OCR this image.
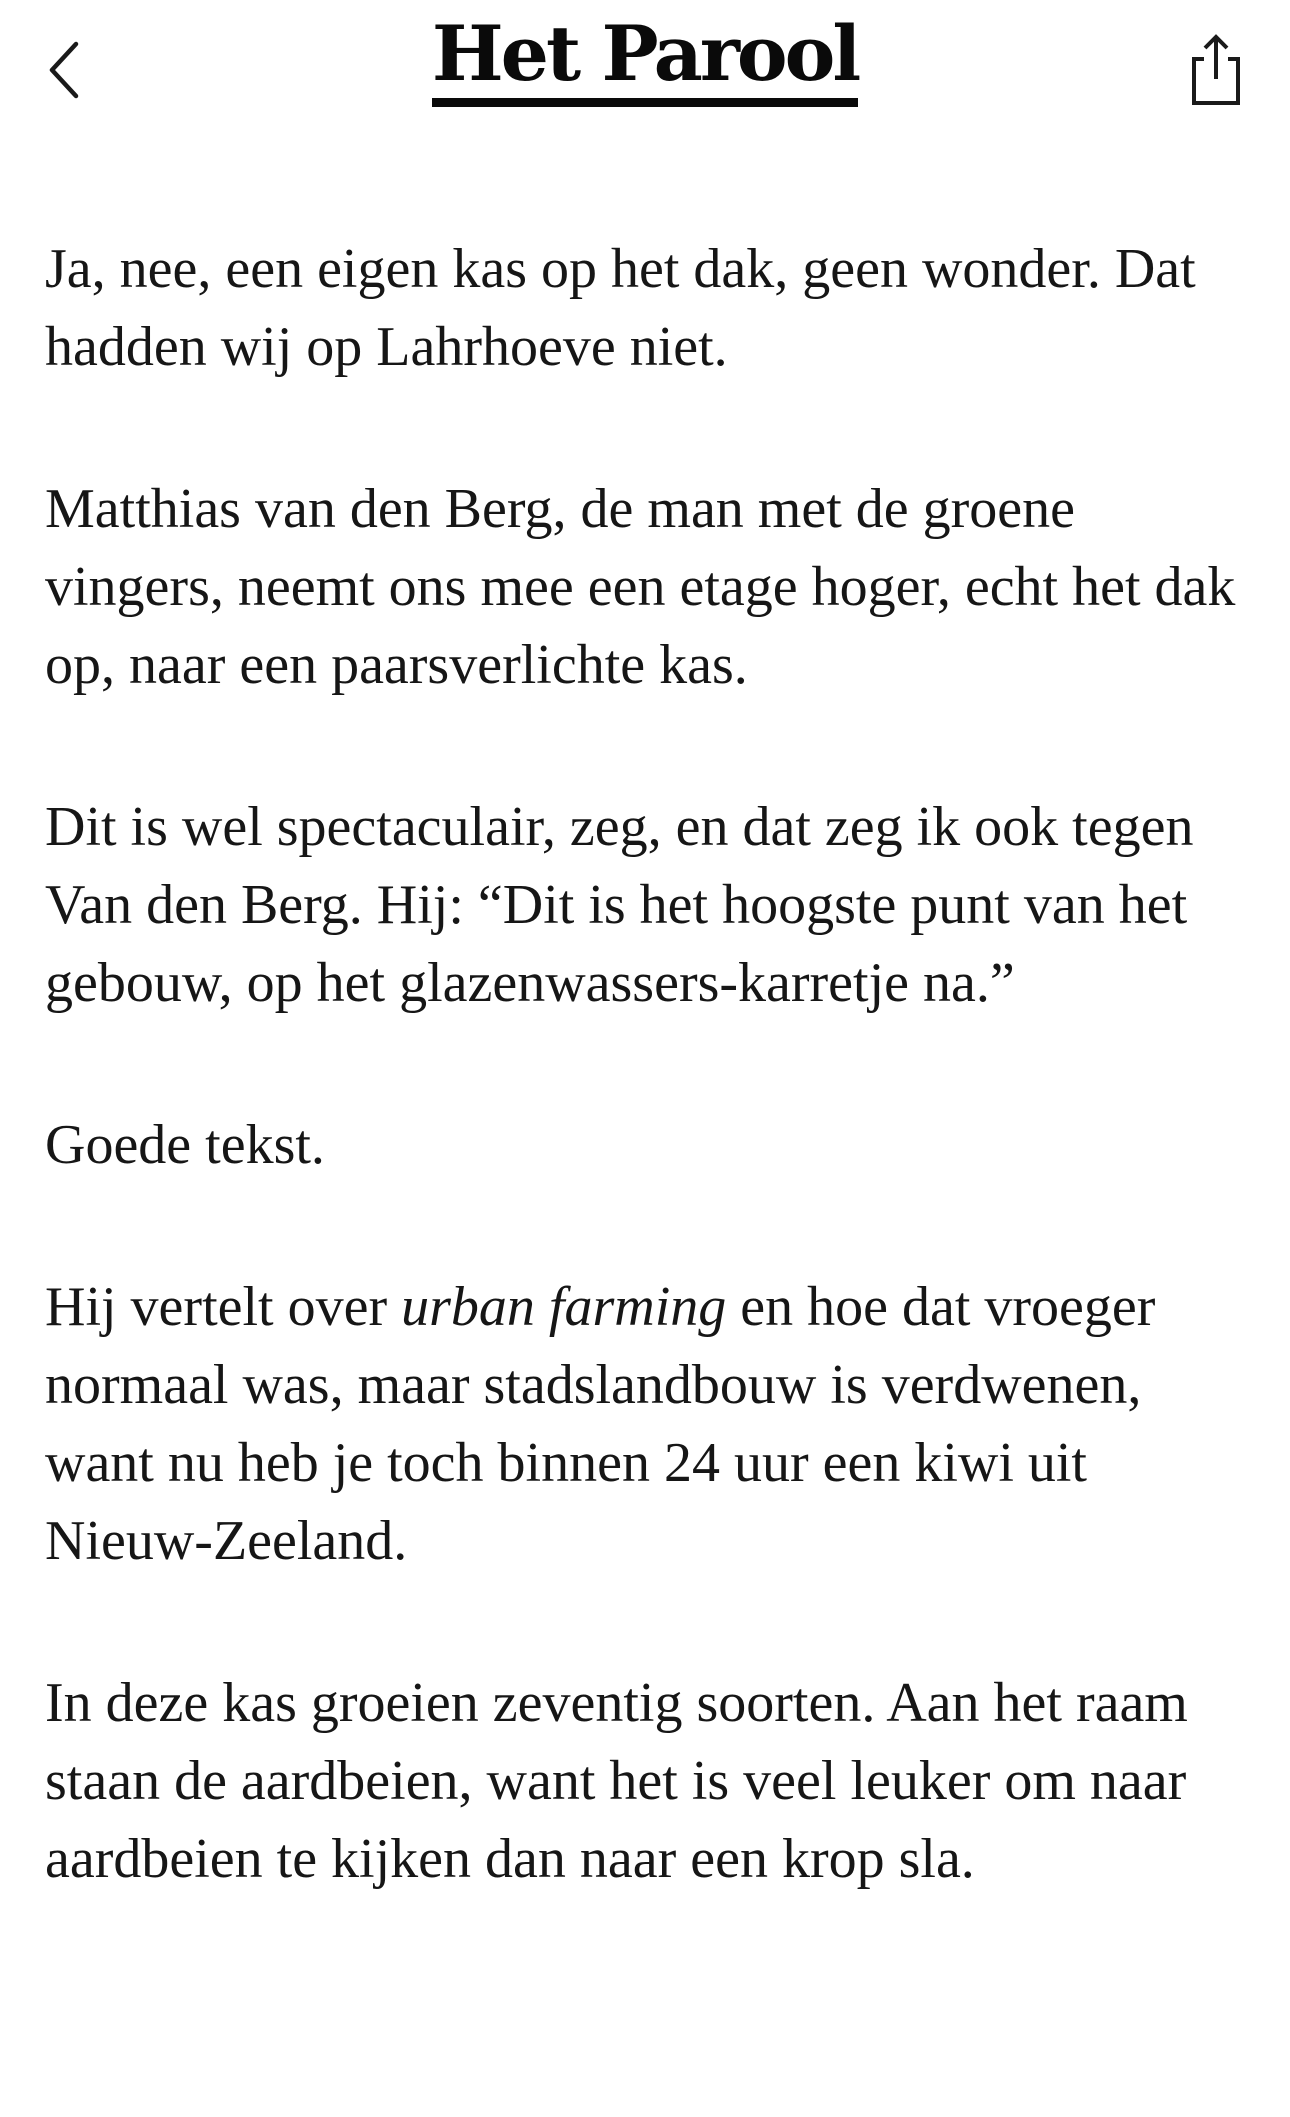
Het Parool

Ja, nee, een eigen kas op het dak, geen wonder. Dat hadden wij op Lahrhoeve niet.

Matthias van den Berg, de man met de groene vingers, neemt ons mee een etage hoger, echt het dak op, naar een paarsverlichte kas.

Dit is wel spectaculair, zeg, en dat zeg ik ook tegen Van den Berg. Hij: “Dit is het hoogste punt van het gebouw, op het glazenwassers-karretje na.”

Goede tekst.

Hij vertelt over urban farming en hoe dat vroeger normaal was, maar stadslandbouw is verdwenen, want nu heb je toch binnen 24 uur een kiwi uit Nieuw-Zeeland.

In deze kas groeien zeventig soorten. Aan het raam staan de aardbeien, want het is veel leuker om naar aardbeien te kijken dan naar een krop sla.
